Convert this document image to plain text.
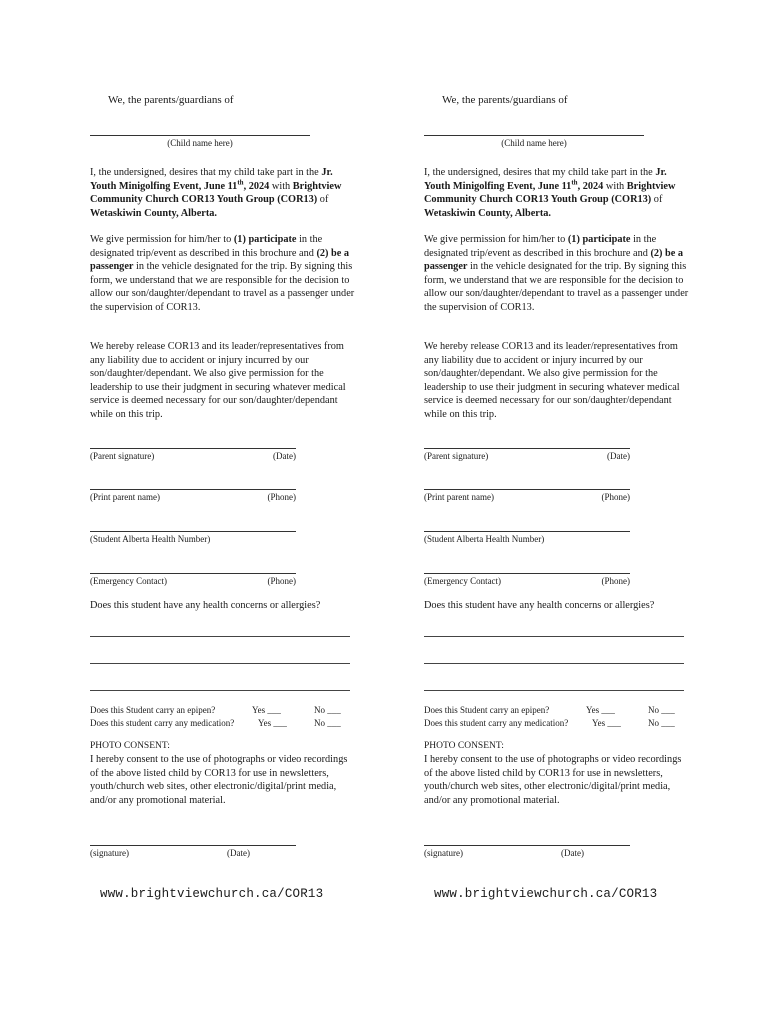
We, the parents/guardians of
(Child name here)
I, the undersigned, desires that my child take part in the Jr. Youth Minigolfing Event, June 11th, 2024 with Brightview Community Church COR13 Youth Group (COR13) of Wetaskiwin County, Alberta.
We give permission for him/her to (1) participate in the designated trip/event as described in this brochure and (2) be a passenger in the vehicle designated for the trip. By signing this form, we understand that we are responsible for the decision to allow our son/daughter/dependant to travel as a passenger under the supervision of COR13.
We hereby release COR13 and its leader/representatives from any liability due to accident or injury incurred by our son/daughter/dependant. We also give permission for the leadership to use their judgment in securing whatever medical service is deemed necessary for our son/daughter/dependant while on this trip.
(Parent signature)	(Date)
(Print parent name)	(Phone)
(Student Alberta Health Number)
(Emergency Contact)	(Phone)
Does this student have any health concerns or allergies?
Does this Student carry an epipen?	Yes ___	No ___
Does this student carry any medication?	Yes ___	No ___
PHOTO CONSENT:
I hereby consent to the use of photographs or video recordings of the above listed child by COR13 for use in newsletters, youth/church web sites, other electronic/digital/print media, and/or any promotional material.
(signature)	(Date)
www.brightviewchurch.ca/COR13
We, the parents/guardians of
(Child name here)
I, the undersigned, desires that my child take part in the Jr. Youth Minigolfing Event, June 11th, 2024 with Brightview Community Church COR13 Youth Group (COR13) of Wetaskiwin County, Alberta.
We give permission for him/her to (1) participate in the designated trip/event as described in this brochure and (2) be a passenger in the vehicle designated for the trip. By signing this form, we understand that we are responsible for the decision to allow our son/daughter/dependant to travel as a passenger under the supervision of COR13.
We hereby release COR13 and its leader/representatives from any liability due to accident or injury incurred by our son/daughter/dependant. We also give permission for the leadership to use their judgment in securing whatever medical service is deemed necessary for our son/daughter/dependant while on this trip.
(Parent signature)	(Date)
(Print parent name)	(Phone)
(Student Alberta Health Number)
(Emergency Contact)	(Phone)
Does this student have any health concerns or allergies?
Does this Student carry an epipen?	Yes ___	No ___
Does this student carry any medication?	Yes ___	No ___
PHOTO CONSENT:
I hereby consent to the use of photographs or video recordings of the above listed child by COR13 for use in newsletters, youth/church web sites, other electronic/digital/print media, and/or any promotional material.
(signature)	(Date)
www.brightviewchurch.ca/COR13
